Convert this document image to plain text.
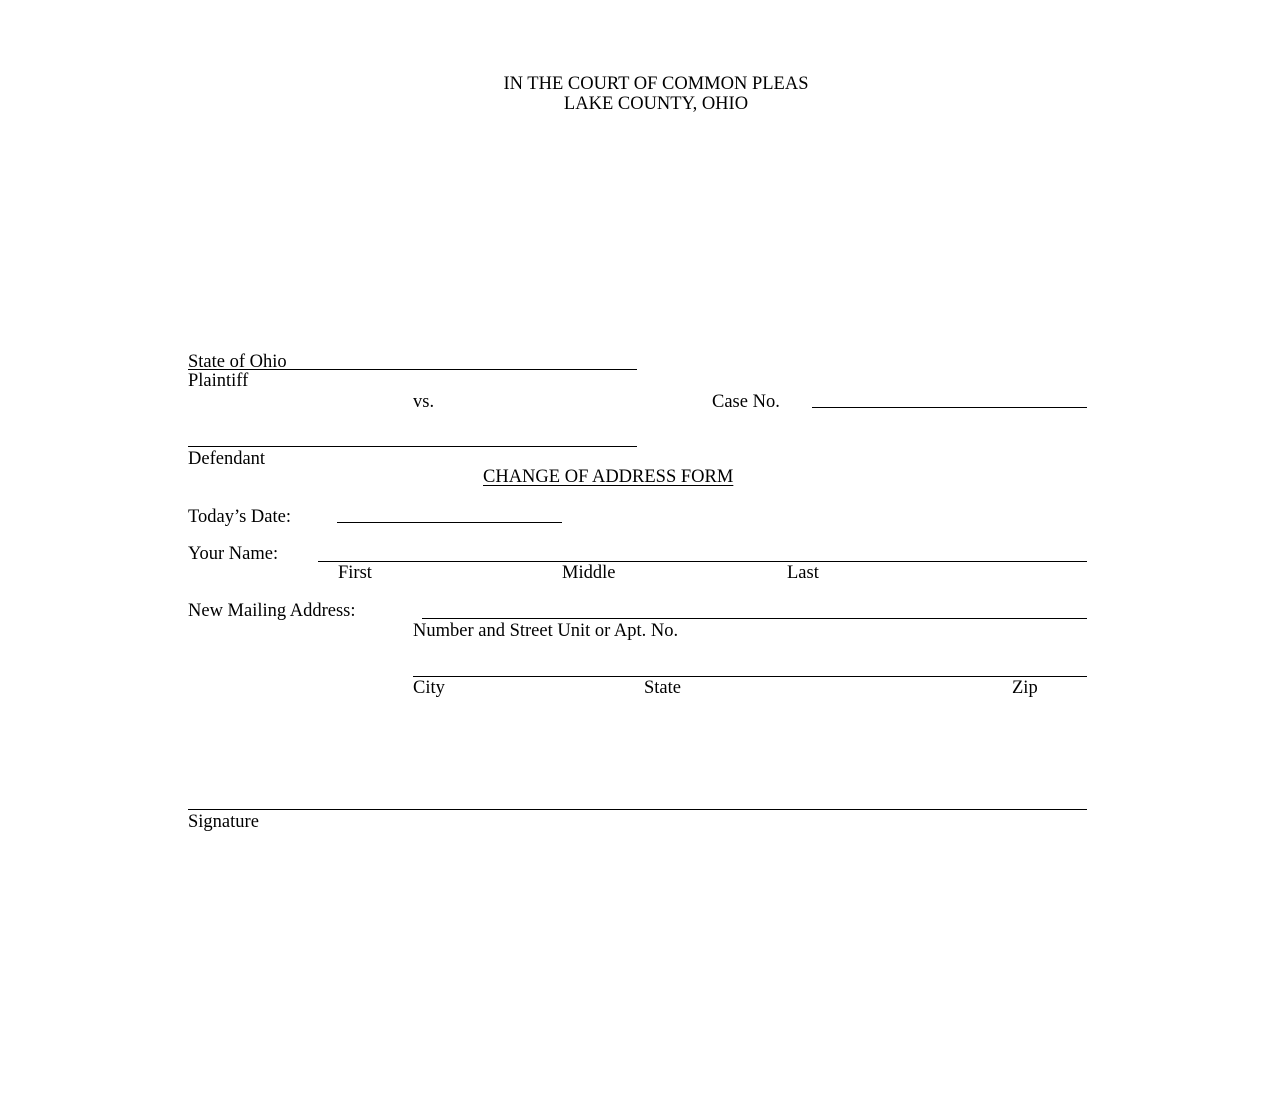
IN THE COURT OF COMMON PLEAS
LAKE COUNTY, OHIO
State of Ohio
Plaintiff
vs.	Case No.
Defendant
CHANGE OF ADDRESS FORM
Today’s Date:
Your Name:
First	Middle	Last
New Mailing Address:
Number and Street Unit or Apt. No.
City	State	Zip
Signature
